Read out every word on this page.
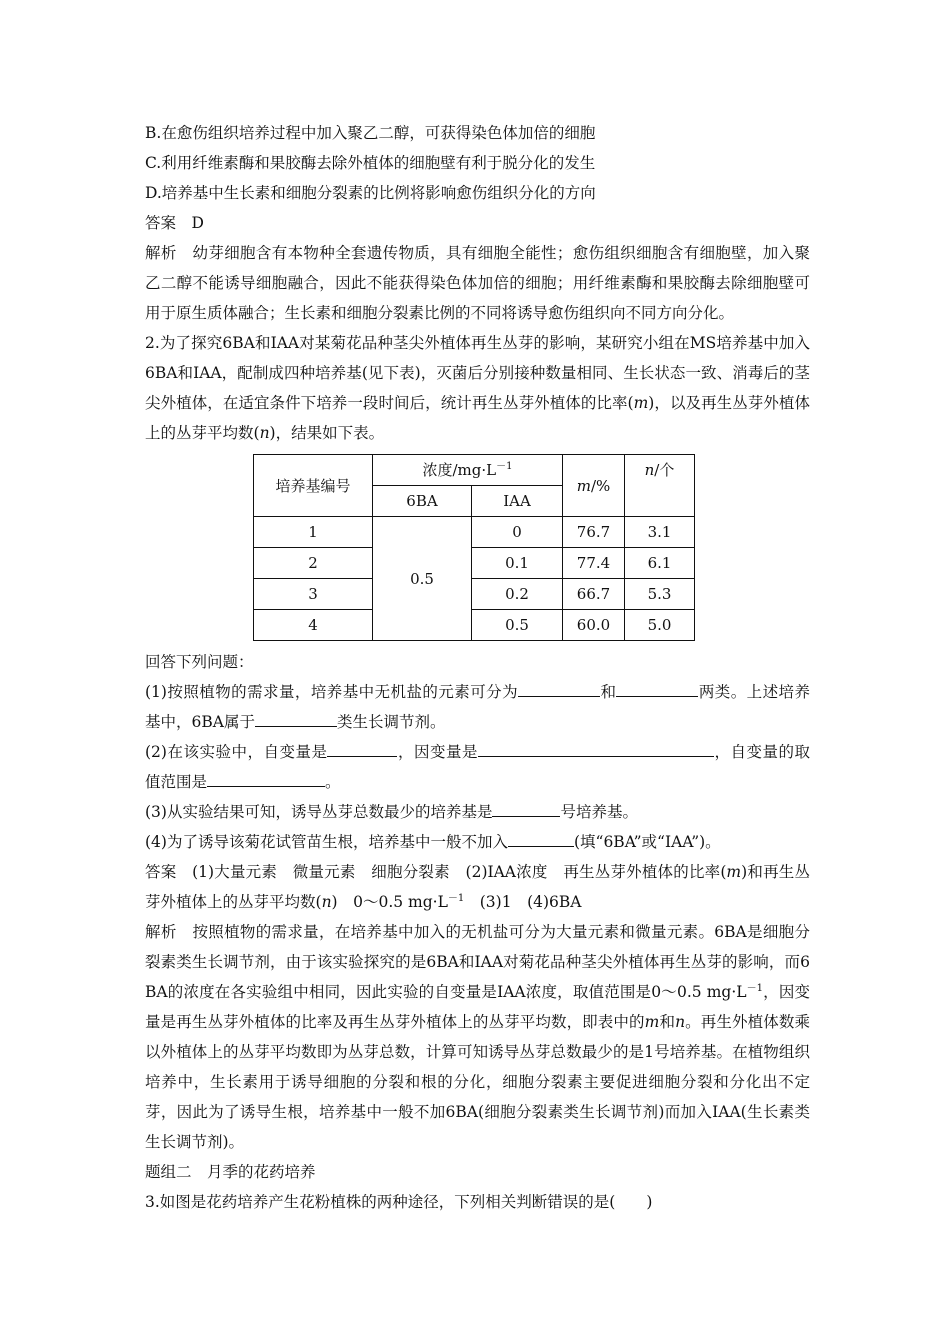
B.在愈伤组织培养过程中加入聚乙二醇，可获得染色体加倍的细胞

C.利用纤维素酶和果胶酶去除外植体的细胞壁有利于脱分化的发生

D.培养基中生长素和细胞分裂素的比例将影响愈伤组织分化的方向

答案　D

解析　幼芽细胞含有本物种全套遗传物质，具有细胞全能性；愈伤组织细胞含有细胞壁，加入聚乙二醇不能诱导细胞融合，因此不能获得染色体加倍的细胞；用纤维素酶和果胶酶去除细胞壁可用于原生质体融合；生长素和细胞分裂素比例的不同将诱导愈伤组织向不同方向分化。

2.为了探究6BA和IAA对某菊花品种茎尖外植体再生丛芽的影响，某研究小组在MS培养基中加入6BA和IAA，配制成四种培养基(见下表)，灭菌后分别接种数量相同、生长状态一致、消毒后的茎尖外植体，在适宜条件下培养一段时间后，统计再生丛芽外植体的比率(m)，以及再生丛芽外植体上的丛芽平均数(n)，结果如下表。

培养基编号	浓度$/mg\cdot L^{-1}$		m/%	n/个
	6BA	IAA		
1	0.5	0	76.7	3.1
2		0.1	77.4	6.1
3		0.2	66.7	5.3
4		0.5	60.0	5.0

回答下列问题：

(1)按照植物的需求量，培养基中无机盐的元素可分为	和	两类。上述培养基中，6BA属于	类生长调节剂。

(2)在该实验中，自变量是	，因变量是	，自变量的取值范围是	。

(3)从实验结果可知，诱导丛芽总数最少的培养基是	号培养基。

(4)为了诱导该菊花试管苗生根，培养基中一般不加入	(填“6BA”或“IAA”)。

答案　(1)大量元素　微量元素　细胞分裂素　(2)IAA浓度　再生丛芽外植体的比率(m)和再生丛芽外植体上的丛芽平均数(n)　0～0.5 $mg\cdot L^{-1}$　(3)1　(4)6BA

解析　按照植物的需求量，在培养基中加入的无机盐可分为大量元素和微量元素。6BA是细胞分裂素类生长调节剂，由于该实验探究的是6BA和IAA对菊花品种茎尖外植体再生丛芽的影响，而6BA的浓度在各实验组中相同，因此实验的自变量是IAA浓度，取值范围是0～0.5 $mg\cdot L^{-1}$，因变量是再生丛芽外植体的比率及再生丛芽外植体上的丛芽平均数，即表中的m和n。再生外植体数乘以外植体上的丛芽平均数即为丛芽总数，计算可知诱导丛芽总数最少的是1号培养基。在植物组织培养中，生长素用于诱导细胞的分裂和根的分化，细胞分裂素主要促进细胞分裂和分化出不定芽，因此为了诱导生根，培养基中一般不加6BA(细胞分裂素类生长调节剂)而加入IAA(生长素类生长调节剂)。

题组二　月季的花药培养

3.如图是花药培养产生花粉植株的两种途径，下列相关判断错误的是(　　)
